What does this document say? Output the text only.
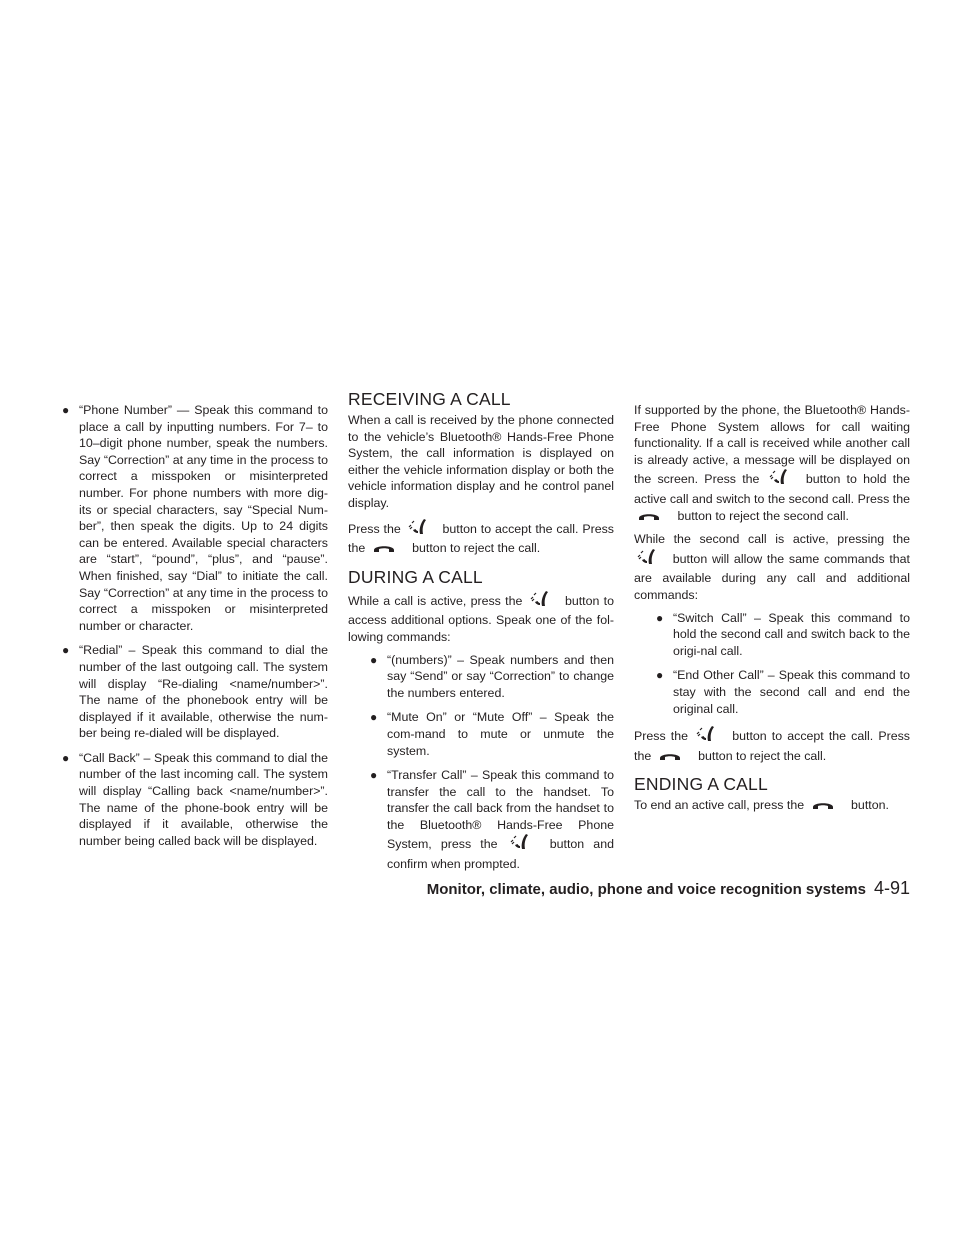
● “Phone Number” — Speak this command to place a call by inputting numbers. For 7– to 10–digit phone number, speak the numbers. Say “Correction” at any time in the process to correct a misspoken or misinterpreted number. For phone numbers with more dig-its or special characters, say “Special Num-ber”, then speak the digits. Up to 24 digits can be entered. Available special characters are “start”, “pound”, “plus”, and “pause”. When finished, say “Dial” to initiate the call. Say “Correction” at any time in the process to correct a misspoken or misinterpreted number or character.
● “Redial” – Speak this command to dial the number of the last outgoing call. The system will display “Re-dialing <name/number>”. The name of the phonebook entry will be displayed if it available, otherwise the num-ber being re-dialed will be displayed.
● “Call Back” – Speak this command to dial the number of the last incoming call. The system will display “Calling back <name/number>”. The name of the phone-book entry will be displayed if it available, otherwise the number being called back will be displayed.
RECEIVING A CALL

When a call is received by the phone connected to the vehicle’s Bluetooth® Hands-Free Phone System, the call information is displayed on either the vehicle information display or both the vehicle information display and he control panel display.

Press the	button to accept the call. Press the	button to reject the call.

DURING A CALL

While a call is active, press the	button to access additional options. Speak one of the fol-lowing commands:

● “(numbers)” – Speak numbers and then say “Send” or say “Correction” to change the numbers entered.
● “Mute On” or “Mute Off” – Speak the com-mand to mute or unmute the system.
● “Transfer Call” – Speak this command to transfer the call to the handset. To transfer the call back from the handset to the Bluetooth® Hands-Free Phone System, press the	button and confirm when prompted.

If supported by the phone, the Bluetooth® Hands-Free Phone System allows for call waiting functionality. If a call is received while another call is already active, a message will be displayed on the screen. Press the	button to hold the active call and switch to the second call. Press the  button to reject the second call.

While the second call is active, pressing the  button will allow the same commands that are available during any call and additional commands:

● “Switch Call” – Speak this command to hold the second call and switch back to the origi-nal call.
● “End Other Call” – Speak this command to stay with the second call and end the original call.

Press the	button to accept the call. Press the	button to reject the call.

ENDING A CALL

To end an active call, press the	button.

Monitor, climate, audio, phone and voice recognition systems 4-91
